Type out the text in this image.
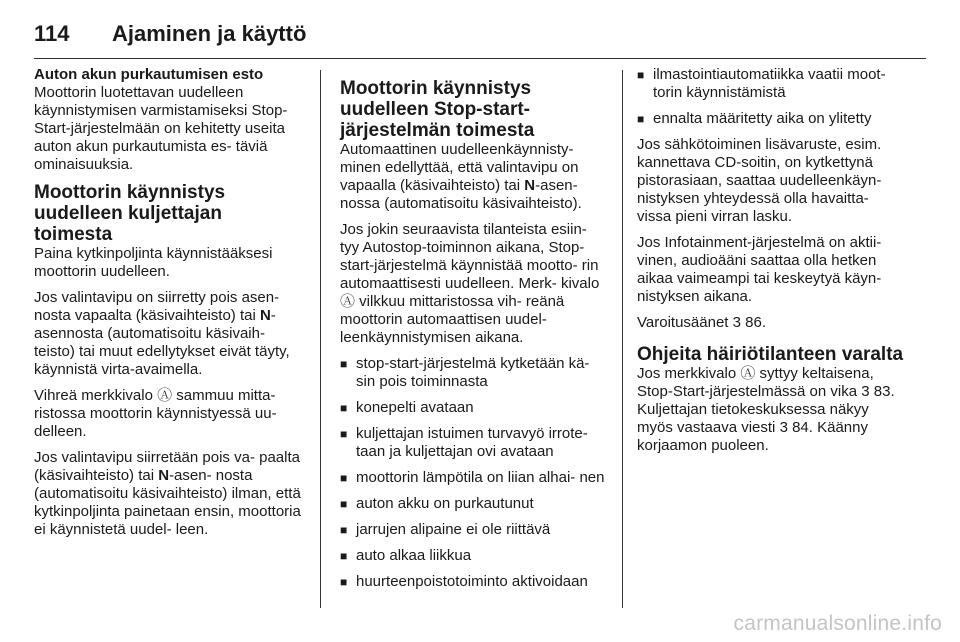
114 Ajaminen ja käyttö

Auton akun purkautumisen esto

Moottorin luotettavan uudelleen käynnistymisen varmistamiseksi Stop-Start-järjestelmään on kehitetty useita auton akun purkautumista es- täviä ominaisuuksia.

Moottorin käynnistys uudelleen kuljettajan toimesta

Paina kytkinpoljinta käynnistääksesi moottorin uudelleen.

Jos valintavipu on siirretty pois asen- nosta vapaalta (käsivaihteisto) tai N- asennosta (automatisoitu käsivaih- teisto) tai muut edellytykset eivät täyty, käynnistä virta-avaimella.

Vihreä merkkivalo Ⓐ sammuu mitta- ristossa moottorin käynnistyessä uu- delleen.

Jos valintavipu siirretään pois va- paalta (käsivaihteisto) tai N-asen- nosta (automatisoitu käsivaihteisto) ilman, että kytkinpoljinta painetaan ensin, moottoria ei käynnistetä uudel- leen.

Moottorin käynnistys uudelleen Stop-start-järjestelmän toimesta

Automaattinen uudelleenkäynnisty- minen edellyttää, että valintavipu on vapaalla (käsivaihteisto) tai N-asen- nossa (automatisoitu käsivaihteisto).

Jos jokin seuraavista tilanteista esiin- tyy Autostop-toiminnon aikana, Stop- start-järjestelmä käynnistää mootto- rin automaattisesti uudelleen. Merk- kivalo Ⓐ vilkkuu mittaristossa vih- reänä moottorin automaattisen uudel- leenkäynnistymisen aikana.

■ stop-start-järjestelmä kytketään kä- sin pois toiminnasta
■ konepelti avataan
■ kuljettajan istuimen turvavyö irrote- taan ja kuljettajan ovi avataan
■ moottorin lämpötila on liian alhai- nen
■ auton akku on purkautunut
■ jarrujen alipaine ei ole riittävä
■ auto alkaa liikkua
■ huurteenpoistotoiminto aktivoidaan
■ ilmastointiautomatiikka vaatii moot- torin käynnistämistä
■ ennalta määritetty aika on ylitetty

Jos sähkötoiminen lisävaruste, esim. kannettava CD-soitin, on kytkettynä pistorasiaan, saattaa uudelleenkäyn- nistyksen yhteydessä olla havaitta- vissa pieni virran lasku.

Jos Infotainment-järjestelmä on aktii- vinen, audioääni saattaa olla hetken aikaa vaimeampi tai keskeytyä käyn- nistyksen aikana.

Varoitusäänet 3 86.

Ohjeita häiriötilanteen varalta

Jos merkkivalo Ⓐ syttyy keltaisena, Stop-Start-järjestelmässä on vika 3 83. Kuljettajan tietokeskuksessa näkyy myös vastaava viesti 3 84. Käänny korjaamon puoleen.

carmanualsonline.info
